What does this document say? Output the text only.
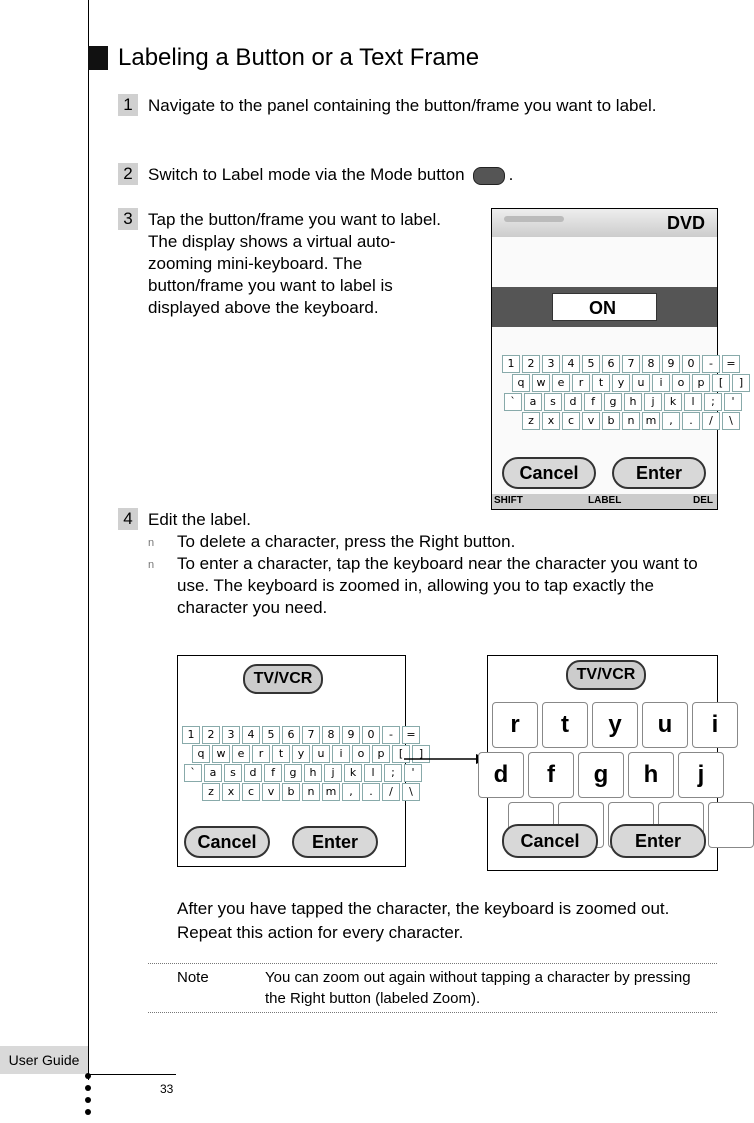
Labeling a Button or a Text Frame
1 Navigate to the panel containing the button/frame you want to label.
2 Switch to Label mode via the Mode button	.
3 Tap the button/frame you want to label. The display shows a virtual auto-zooming mini-keyboard. The button/frame you want to label is displayed above the keyboard.
DVD
ON
1	2	3	4	5	6	7	8	9	0	-	=
q	w	e	r	t	y	u	i	o	p	[	]
`	a	s	d	f	g	h	j	k	l	;	'
z	x	c	v	b	n	m	,	.	/	\
Cancel	Enter
SHIFT	LABEL	DEL
4 Edit the label.
n To delete a character, press the Right button.
n To enter a character, tap the keyboard near the character you want to use. The keyboard is zoomed in, allowing you to tap exactly the character you need.
TV/VCR
1	2	3	4	5	6	7	8	9	0	-	=
q	w	e	r	t	y	u	i	o	p	[	]
`	a	s	d	f	g	h	j	k	l	;	'
z	x	c	v	b	n	m	,	.	/	\
Cancel	Enter
TV/VCR
r	t	y	u	i
d	f	g	h	j
Cancel	Enter
After you have tapped the character, the keyboard is zoomed out. Repeat this action for every character.
Note	You can zoom out again without tapping a character by pressing the Right button (labeled Zoom).
User Guide
33
